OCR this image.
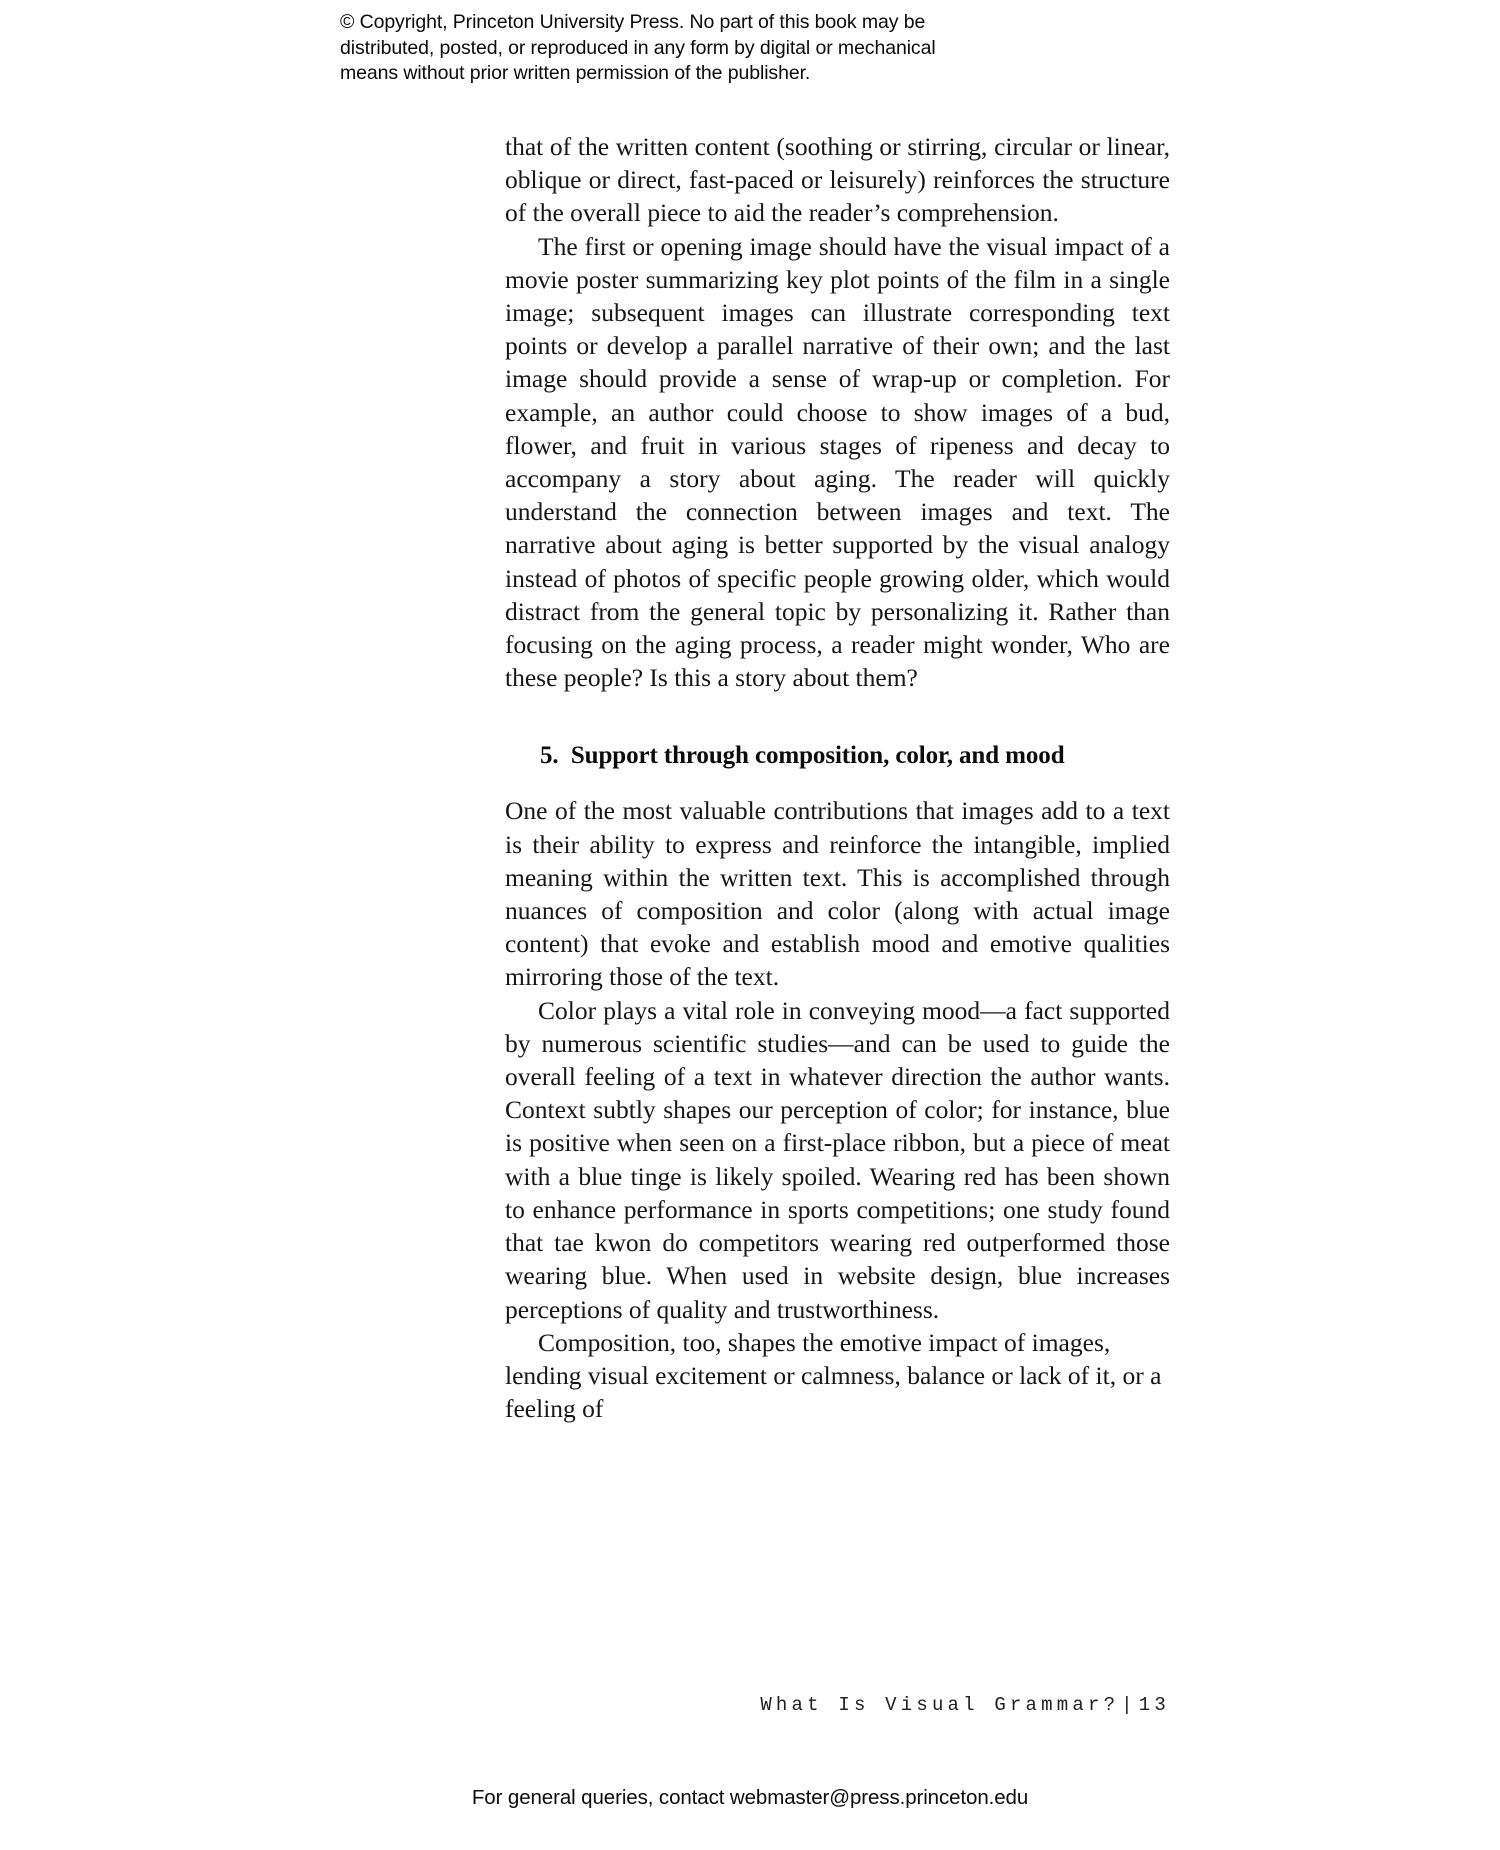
© Copyright, Princeton University Press. No part of this book may be
distributed, posted, or reproduced in any form by digital or mechanical
means without prior written permission of the publisher.

that of the written content (soothing or stirring, circular or linear, oblique or direct, fast-paced or leisurely) reinforces the structure of the overall piece to aid the reader’s comprehension.

The first or opening image should have the visual impact of a movie poster summarizing key plot points of the film in a single image; subsequent images can illustrate corresponding text points or develop a parallel narrative of their own; and the last image should provide a sense of wrap-up or completion. For example, an author could choose to show images of a bud, flower, and fruit in various stages of ripeness and decay to accompany a story about aging. The reader will quickly understand the connection between images and text. The narrative about aging is better supported by the visual analogy instead of photos of specific people growing older, which would distract from the general topic by personalizing it. Rather than focusing on the aging process, a reader might wonder, Who are these people? Is this a story about them?

5. Support through composition, color, and mood

One of the most valuable contributions that images add to a text is their ability to express and reinforce the intangible, implied meaning within the written text. This is accomplished through nuances of composition and color (along with actual image content) that evoke and establish mood and emotive qualities mirroring those of the text.

Color plays a vital role in conveying mood—a fact supported by numerous scientific studies—and can be used to guide the overall feeling of a text in whatever direction the author wants. Context subtly shapes our perception of color; for instance, blue is positive when seen on a first-place ribbon, but a piece of meat with a blue tinge is likely spoiled. Wearing red has been shown to enhance performance in sports competitions; one study found that tae kwon do competitors wearing red outperformed those wearing blue. When used in website design, blue increases perceptions of quality and trustworthiness.

Composition, too, shapes the emotive impact of images, lending visual excitement or calmness, balance or lack of it, or a feeling of

What Is Visual Grammar? | 13
For general queries, contact webmaster@press.princeton.edu
